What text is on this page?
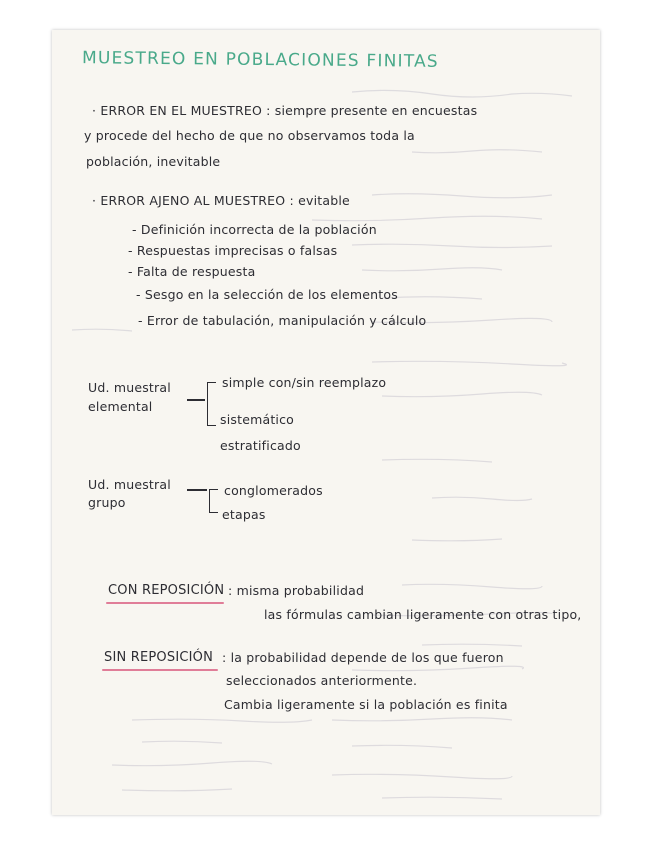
MUESTREO EN POBLACIONES FINITAS
· ERROR EN EL MUESTREO : siempre presente en encuestas
y procede del hecho de que no observamos toda la
población, inevitable
· ERROR AJENO AL MUESTREO : evitable
- Definición incorrecta de la población
- Respuestas imprecisas o falsas
- Falta de respuesta
- Sesgo en la selección de los elementos
- Error de tabulación, manipulación y cálculo
Ud. muestral
elemental
simple con/sin reemplazo
sistemático
estratificado
Ud. muestral
grupo
conglomerados
etapas
CON REPOSICIÓN : misma probabilidad
las fórmulas cambian ligeramente con otras tipo,
SIN REPOSICIÓN : la probabilidad depende de los que fueron
seleccionados anteriormente.
Cambia ligeramente si la población es finita
